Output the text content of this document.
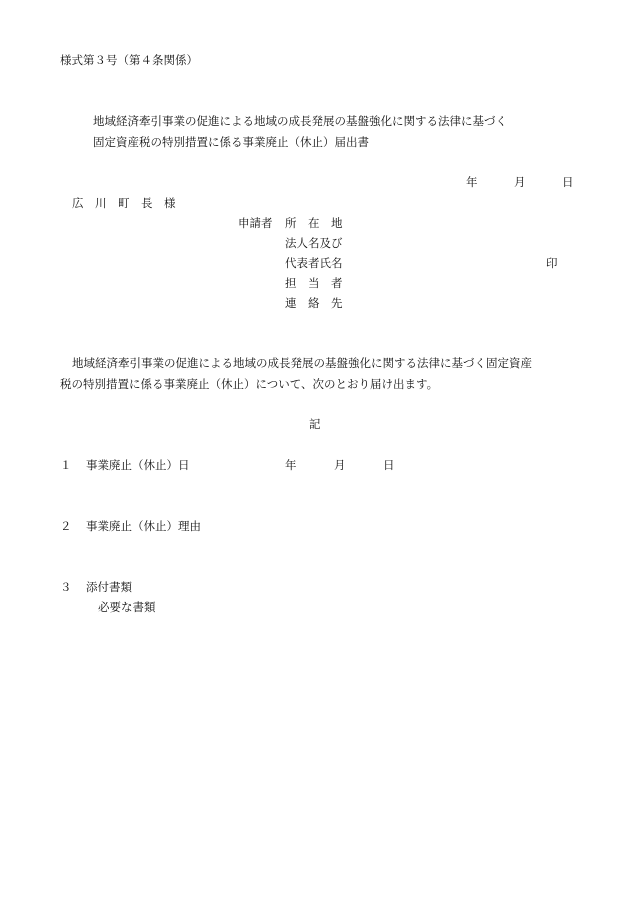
様式第３号（第４条関係）
地域経済牽引事業の促進による地域の成長発展の基盤強化に関する法律に基づく
固定資産税の特別措置に係る事業廃止（休止）届出書
年	月	日
広　川　町　長　様
申請者 所　在　地
法人名及び
代表者氏名	印
担　当　者
連　絡　先
地域経済牽引事業の促進による地域の成長発展の基盤強化に関する法律に基づく固定資産
税の特別措置に係る事業廃止（休止）について、次のとおり届け出ます。
記
１ 事業廃止（休止）日	年	月	日
２ 事業廃止（休止）理由
３ 添付書類
必要な書類
